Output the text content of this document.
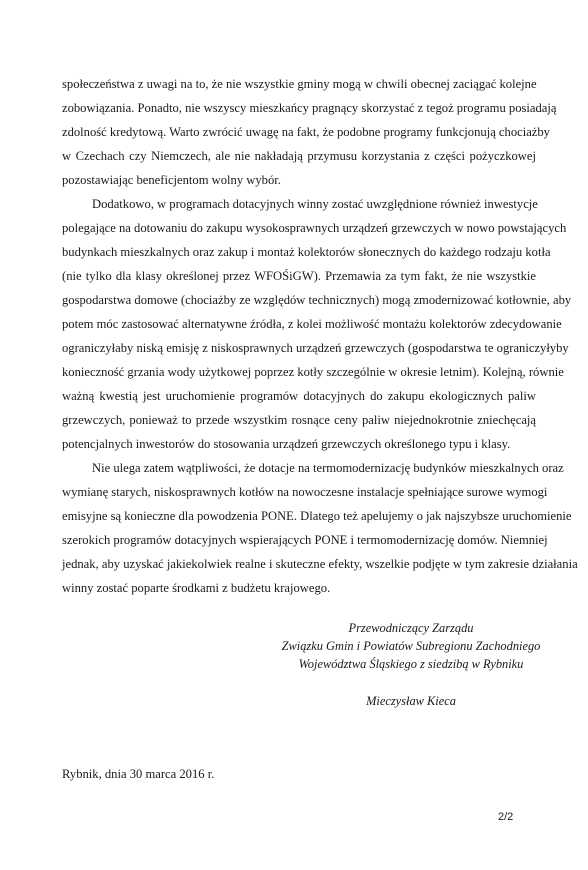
społeczeństwa z uwagi na to, że nie wszystkie gminy mogą w chwili obecnej zaciągać kolejne
zobowiązania. Ponadto, nie wszyscy mieszkańcy pragnący skorzystać z tegoż programu posiadają
zdolność kredytową. Warto zwrócić uwagę na fakt, że podobne programy funkcjonują chociażby
w Czechach czy Niemczech, ale nie nakładają przymusu korzystania z części pożyczkowej
pozostawiając beneficjentom wolny wybór.
Dodatkowo, w programach dotacyjnych winny zostać uwzględnione również inwestycje
polegające na dotowaniu do zakupu wysokosprawnych urządzeń grzewczych w nowo powstających
budynkach mieszkalnych oraz zakup i montaż kolektorów słonecznych do każdego rodzaju kotła
(nie tylko dla klasy określonej przez WFOŚiGW). Przemawia za tym fakt, że nie wszystkie
gospodarstwa domowe (chociażby ze względów technicznych) mogą zmodernizować kotłownie, aby
potem móc zastosować alternatywne źródła, z kolei możliwość montażu kolektorów zdecydowanie
ograniczyłaby niską emisję z niskosprawnych urządzeń grzewczych (gospodarstwa te ograniczyłyby
konieczność grzania wody użytkowej poprzez kotły szczególnie w okresie letnim). Kolejną, równie
ważną kwestią jest uruchomienie programów dotacyjnych do zakupu ekologicznych paliw
grzewczych, ponieważ to przede wszystkim rosnące ceny paliw niejednokrotnie zniechęcają
potencjalnych inwestorów do stosowania urządzeń grzewczych określonego typu i klasy.
Nie ulega zatem wątpliwości, że dotacje na termomodernizację budynków mieszkalnych oraz
wymianę starych, niskosprawnych kotłów na nowoczesne instalacje spełniające surowe wymogi
emisyjne są konieczne dla powodzenia PONE. Dlatego też apelujemy o jak najszybsze uruchomienie
szerokich programów dotacyjnych wspierających PONE i termomodernizację domów. Niemniej
jednak, aby uzyskać jakiekolwiek realne i skuteczne efekty, wszelkie podjęte w tym zakresie działania
winny zostać poparte środkami z budżetu krajowego.
Przewodniczący Zarządu
Związku Gmin i Powiatów Subregionu Zachodniego
Województwa Śląskiego z siedzibą w Rybniku
Mieczysław Kieca
Rybnik, dnia 30 marca 2016 r.
2/2
